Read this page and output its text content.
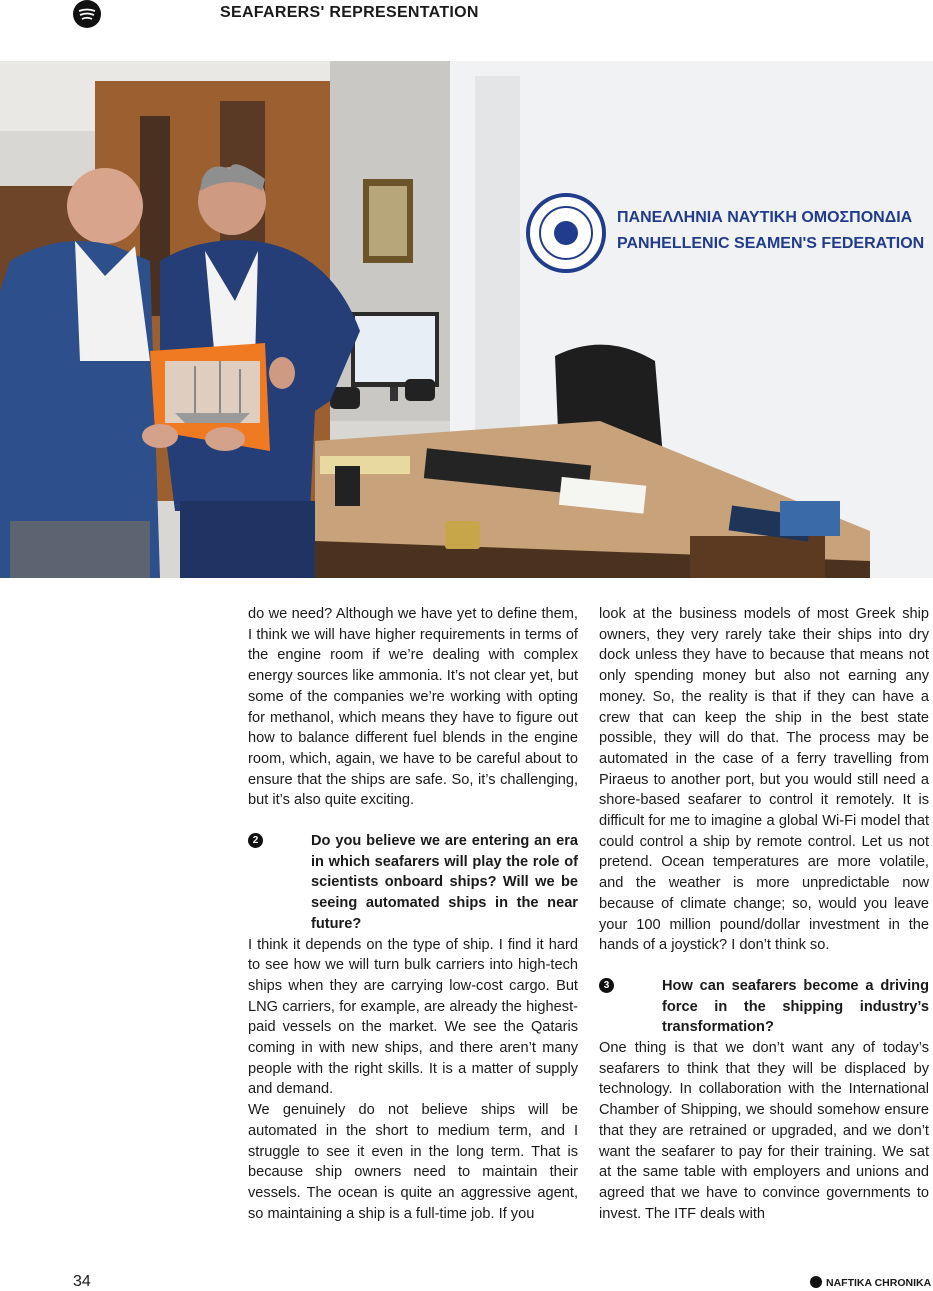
SEAFARERS' REPRESENTATION
ΠΑΝΕΛΛΗΝΙΑ ΝΑΥΤΙΚΗ ΟΜΟΣΠΟΝΔΙΑ
PANHELLENIC SEAMEN'S FEDERATION

do we need? Although we have yet to define them, I think we will have higher requirements in terms of the engine room if we’re dealing with complex energy sources like ammonia. It’s not clear yet, but some of the companies we’re working with opting for methanol, which means they have to figure out how to balance different fuel blends in the engine room, which, again, we have to be careful about to ensure that the ships are safe. So, it’s challenging, but it’s also quite exciting.

2	Do you believe we are entering an era in which seafarers will play the role of scientists onboard ships? Will we be seeing automated ships in the near future?

I think it depends on the type of ship. I find it hard to see how we will turn bulk carriers into high-tech ships when they are carrying low-cost cargo. But LNG carriers, for example, are already the highest-paid vessels on the market. We see the Qataris coming in with new ships, and there aren’t many people with the right skills. It is a matter of supply and demand.

We genuinely do not believe ships will be automated in the short to medium term, and I struggle to see it even in the long term. That is because ship owners need to maintain their vessels. The ocean is quite an aggressive agent, so maintaining a ship is a full-time job. If you

look at the business models of most Greek ship owners, they very rarely take their ships into dry dock unless they have to because that means not only spending money but also not earning any money. So, the reality is that if they can have a crew that can keep the ship in the best state possible, they will do that. The process may be automated in the case of a ferry travelling from Piraeus to another port, but you would still need a shore-based seafarer to control it remotely. It is difficult for me to imagine a global Wi-Fi model that could control a ship by remote control. Let us not pretend. Ocean temperatures are more volatile, and the weather is more unpredictable now because of climate change; so, would you leave your 100 million pound/dollar investment in the hands of a joystick? I don’t think so.

3	How can seafarers become a driving force in the shipping industry’s transformation?

One thing is that we don’t want any of today’s seafarers to think that they will be displaced by technology. In collaboration with the International Chamber of Shipping, we should somehow ensure that they are retrained or upgraded, and we don’t want the seafarer to pay for their training. We sat at the same table with employers and unions and agreed that we have to convince governments to invest. The ITF deals with

34	NAFTIKA CHRONIKA
